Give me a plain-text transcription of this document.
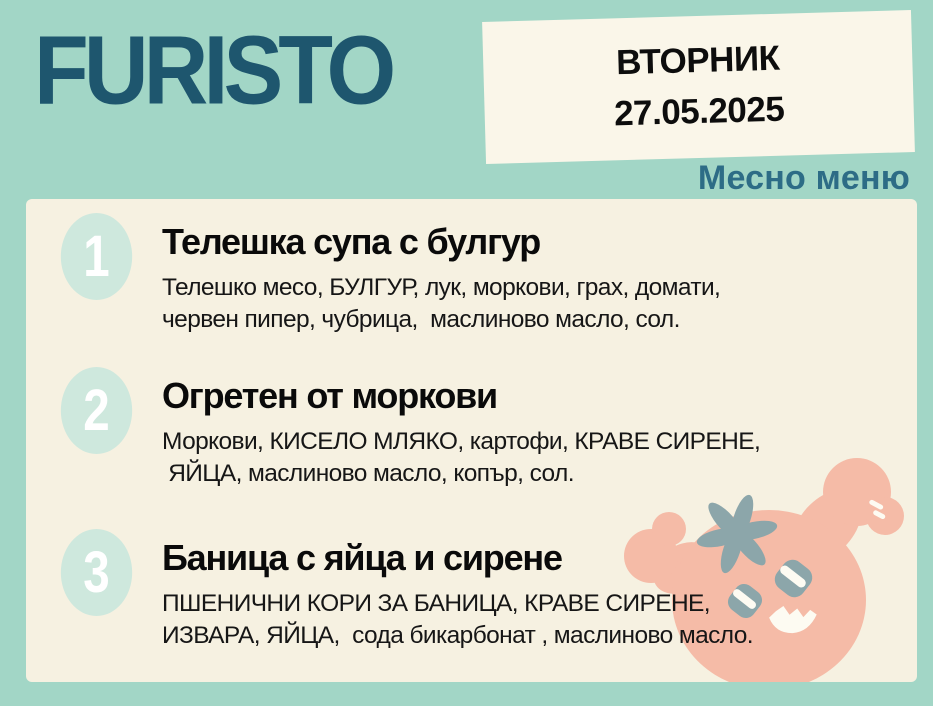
FURISTO	ВТОРНИК
27.05.2025
Месно меню
1	Телешка супа с булгур
Телешко месо, БУЛГУР, лук, моркови, грах, домати,
червен пипер, чубрица,  маслиново масло, сол.
2	Огретен от моркови
Моркови, КИСЕЛО МЛЯКО, картофи, КРАВЕ СИРЕНЕ,
ЯЙЦА, маслиново масло, копър, сол.
3	Баница с яйца и сирене
ПШЕНИЧНИ КОРИ ЗА БАНИЦА, КРАВЕ СИРЕНЕ,
ИЗВАРА, ЯЙЦА,  сода бикарбонат , маслиново масло.
